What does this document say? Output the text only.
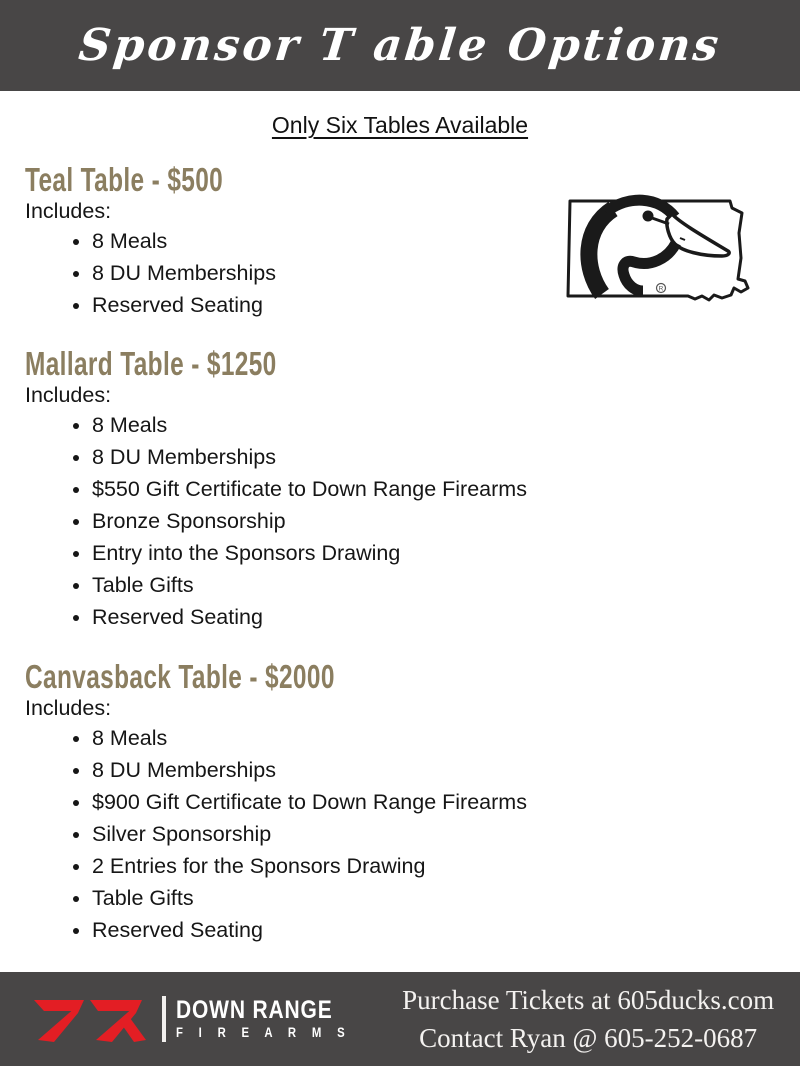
Sponsor T able Options
Only Six Tables Available
R
Teal Table - $500
Includes:
• 8 Meals
• 8 DU Memberships
• Reserved Seating
Mallard Table - $1250
Includes:
• 8 Meals
• 8 DU Memberships
• $550 Gift Certificate to Down Range Firearms
• Bronze Sponsorship
• Entry into the Sponsors Drawing
• Table Gifts
• Reserved Seating
Canvasback Table - $2000
Includes:
• 8 Meals
• 8 DU Memberships
• $900 Gift Certificate to Down Range Firearms
• Silver Sponsorship
• 2 Entries for the Sponsors Drawing
• Table Gifts
• Reserved Seating
DOWN RANGE
F I R E A R M S
Purchase Tickets at 605ducks.com
Contact Ryan @ 605-252-0687
